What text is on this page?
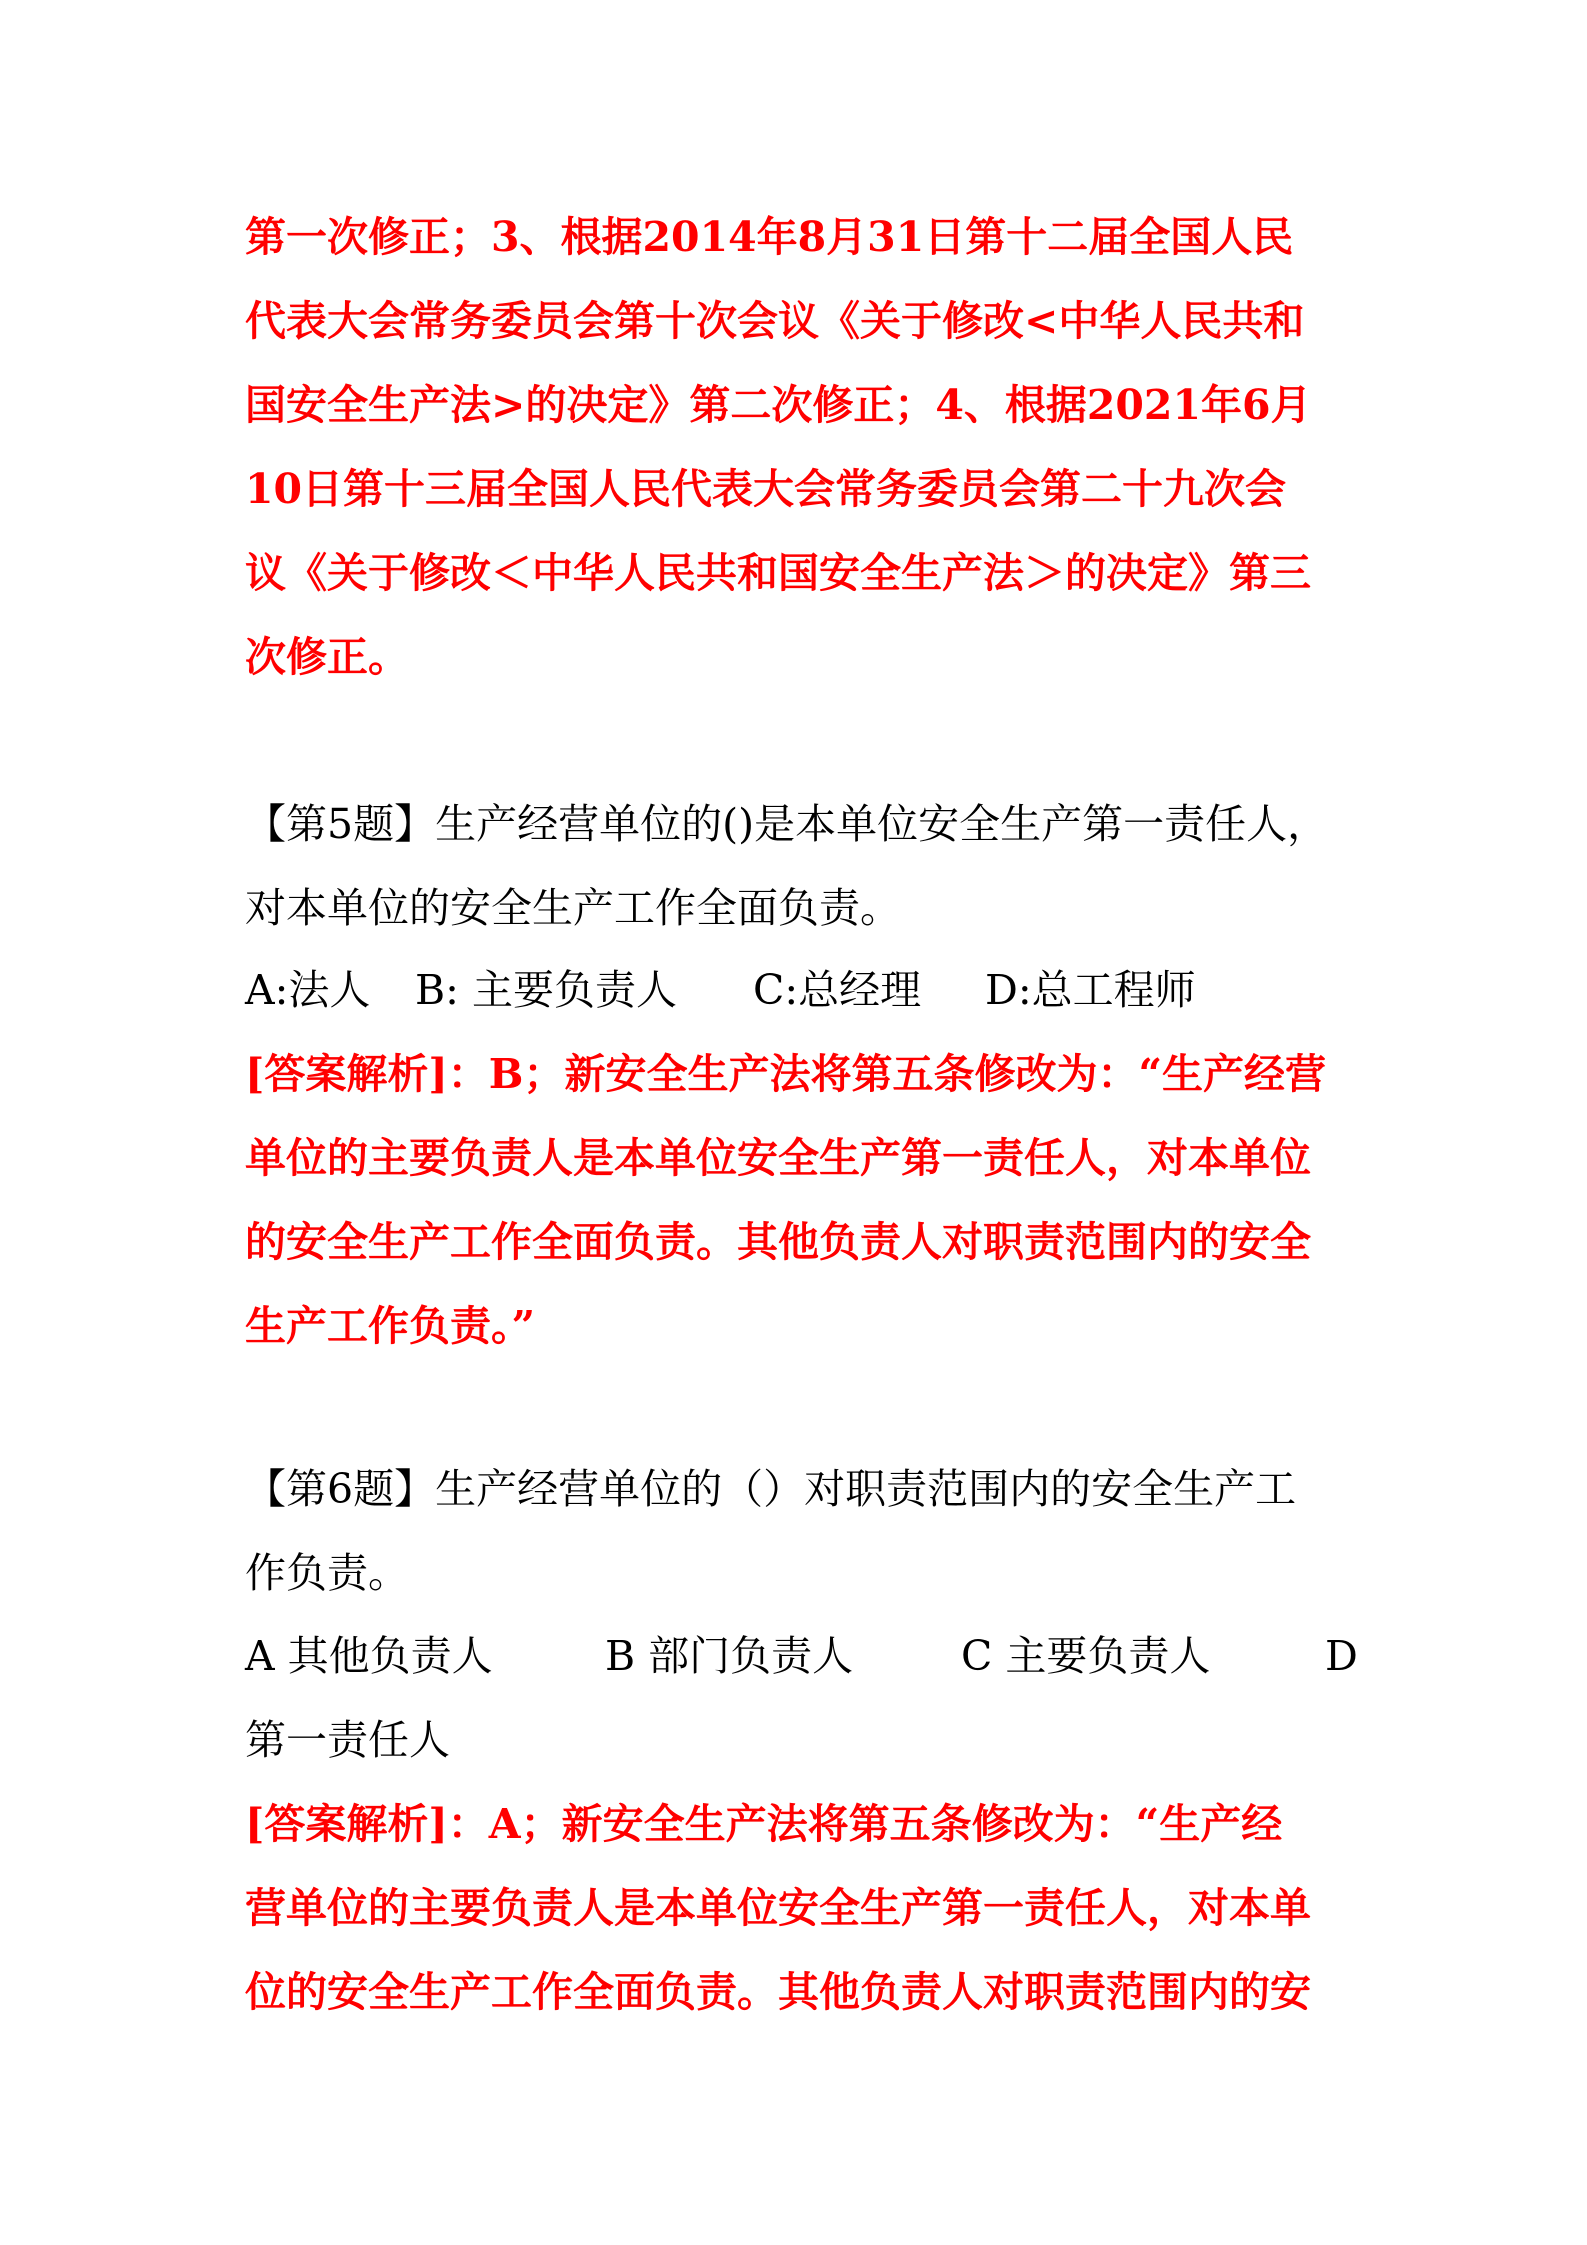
第一次修正；3、根据2014年8月31日第十二届全国人民
代表大会常务委员会第十次会议《关于修改<中华人民共和
国安全生产法>的决定》第二次修正；4、根据2021年6月
10日第十三届全国人民代表大会常务委员会第二十九次会
议《关于修改＜中华人民共和国安全生产法＞的决定》第三
次修正。
【第5题】生产经营单位的()是本单位安全生产第一责任人，
对本单位的安全生产工作全面负责。
A:法人 B: 主要负责人 C:总经理 D:总工程师
[答案解析]：B；新安全生产法将第五条修改为：“生产经营
单位的主要负责人是本单位安全生产第一责任人，对本单位
的安全生产工作全面负责。其他负责人对职责范围内的安全
生产工作负责。”
【第6题】生产经营单位的（）对职责范围内的安全生产工
作负责。
A 其他负责人	B 部门负责人	C 主要负责人	D
第一责任人
[答案解析]：A；新安全生产法将第五条修改为：“生产经
营单位的主要负责人是本单位安全生产第一责任人，对本单
位的安全生产工作全面负责。其他负责人对职责范围内的安
